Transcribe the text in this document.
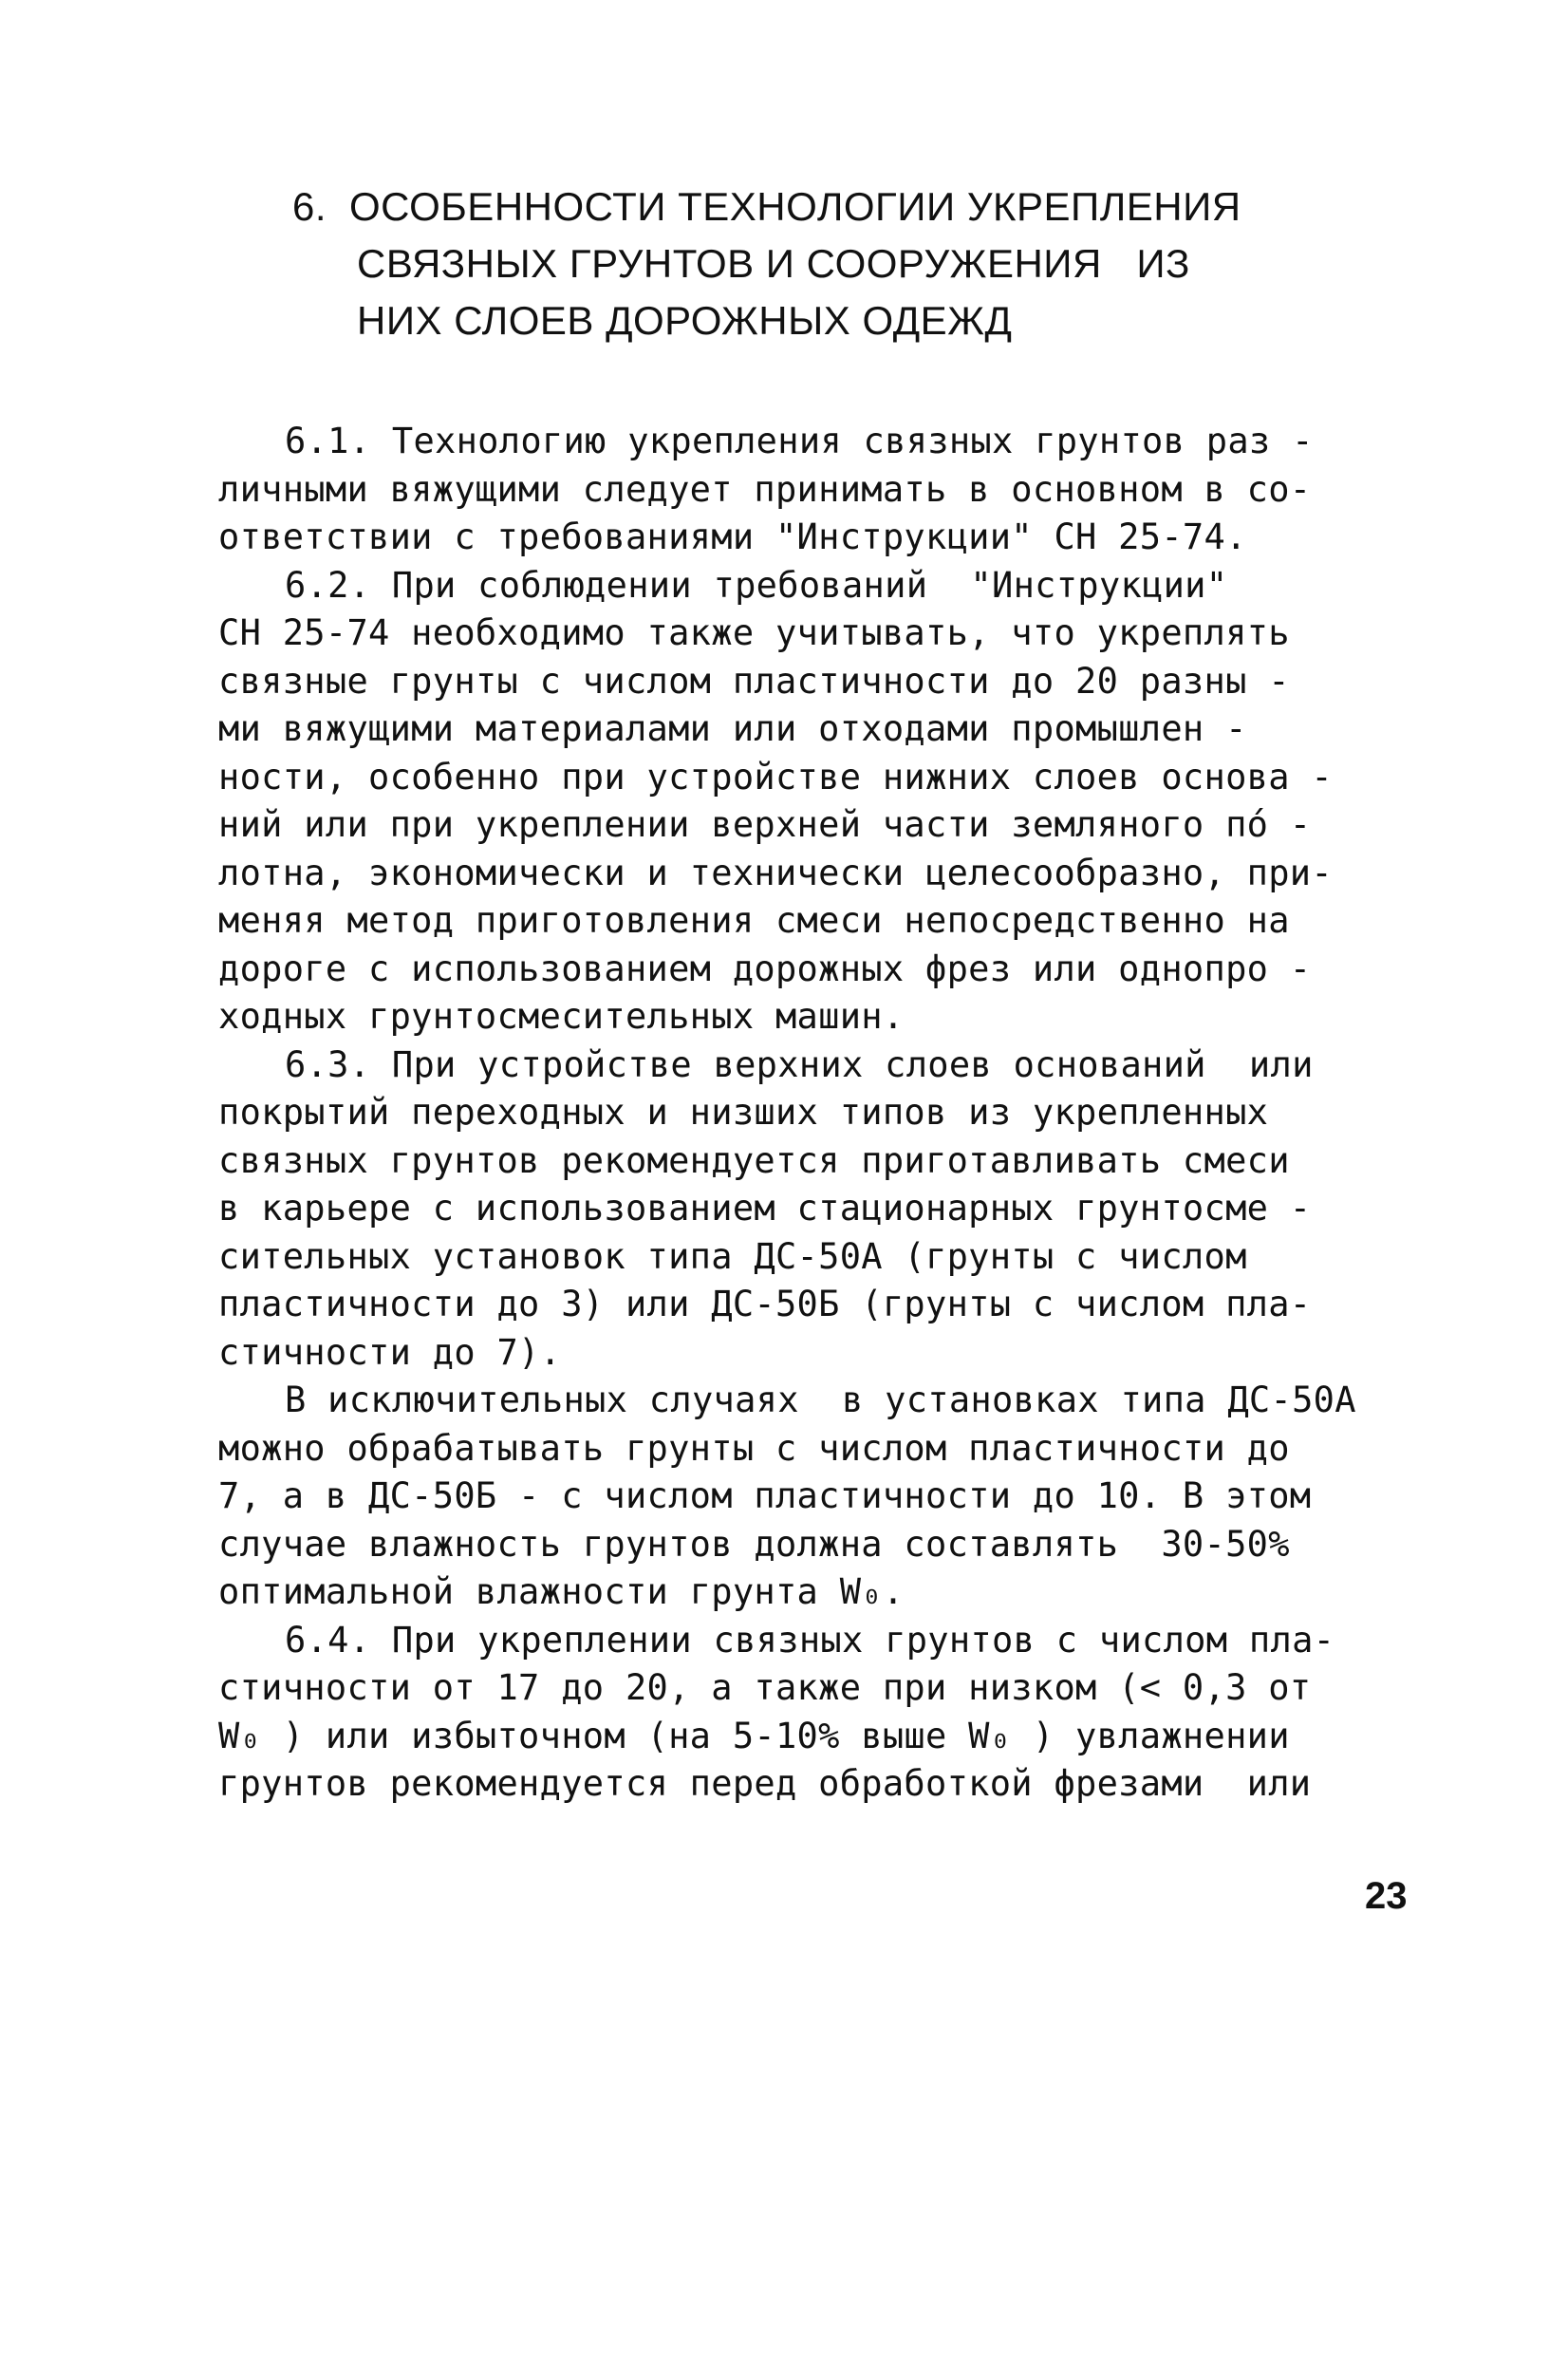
6. ОСОБЕННОСТИ ТЕХНОЛОГИИ УКРЕПЛЕНИЯ
СВЯЗНЫХ ГРУНТОВ И СООРУЖЕНИЯ   ИЗ
НИХ СЛОЕВ ДОРОЖНЫХ ОДЕЖД
6.1. Технологию укрепления связных грунтов раз -
личными вяжущими следует принимать в основном в со-
ответствии с требованиями "Инструкции" СН 25-74.
6.2. При соблюдении требований  "Инструкции"
СН 25-74 необходимо также учитывать, что укреплять
связные грунты с числом пластичности до 20 разны -
ми вяжущими материалами или отходами промышлен -
ности, особенно при устройстве нижних слоев основа -
ний или при укреплении верхней части земляного по́ -
лотна, экономически и технически целесообразно, при-
меняя метод приготовления смеси непосредственно на
дороге с использованием дорожных фрез или однопро -
ходных грунтосмесительных машин.
6.3. При устройстве верхних слоев оснований  или
покрытий переходных и низших типов из укрепленных
связных грунтов рекомендуется приготавливать смеси
в карьере с использованием стационарных грунтосме -
сительных установок типа ДС-50А (грунты с числом
пластичности до 3) или ДС-50Б (грунты с числом пла-
стичности до 7).
В исключительных случаях  в установках типа ДС-50А
можно обрабатывать грунты с числом пластичности до
7, а в ДС-50Б - с числом пластичности до 10. В этом
случае влажность грунтов должна составлять  30-50%
оптимальной влажности грунта W₀.
6.4. При укреплении связных грунтов с числом пла-
стичности от 17 до 20, а также при низком (< 0,3 от
W₀ ) или избыточном (на 5-10% выше W₀ ) увлажнении
грунтов рекомендуется перед обработкой фрезами  или
23
